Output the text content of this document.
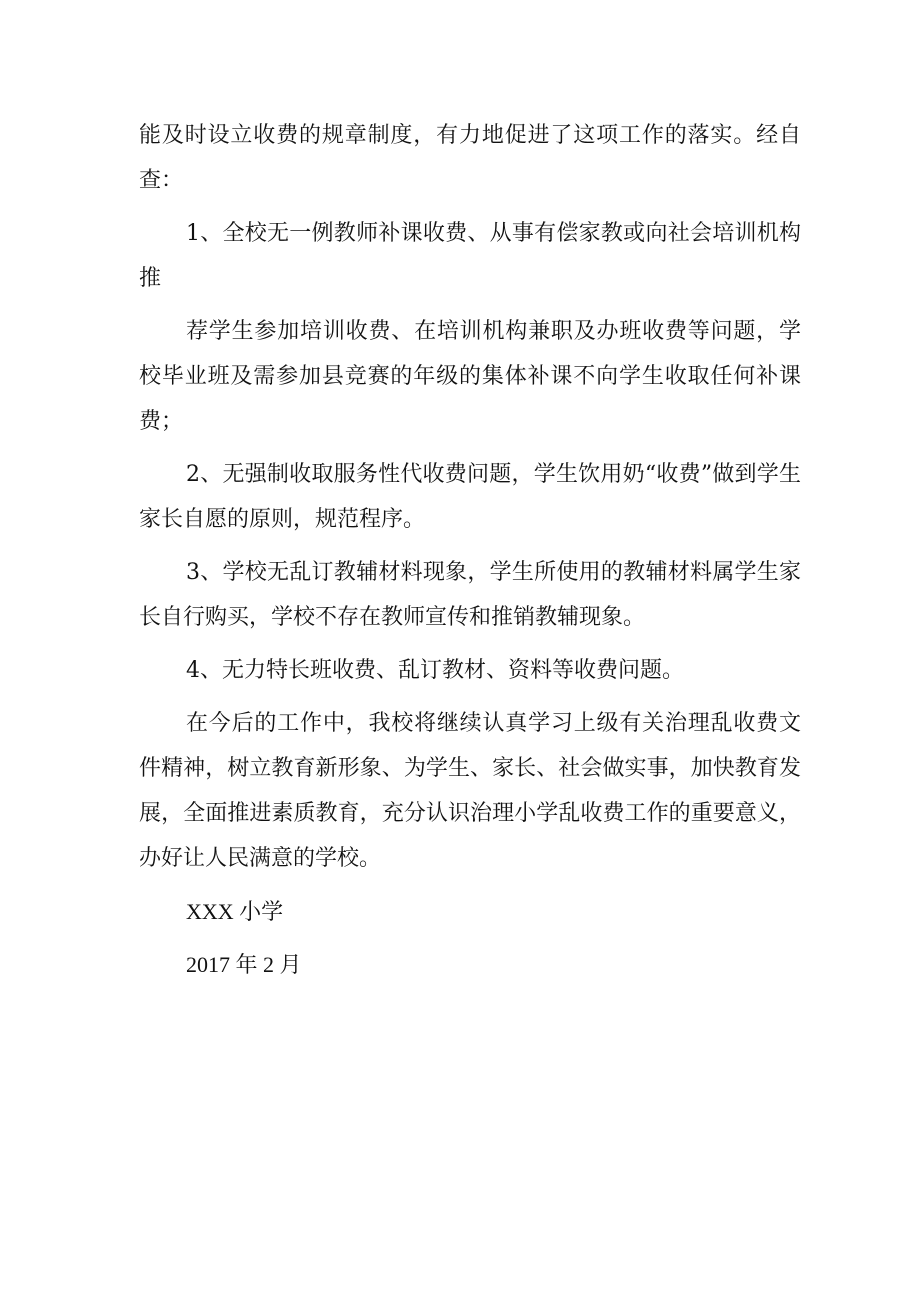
能及时设立收费的规章制度，有力地促进了这项工作的落实。经自查：

1、全校无一例教师补课收费、从事有偿家教或向社会培训机构推

荐学生参加培训收费、在培训机构兼职及办班收费等问题，学校毕业班及需参加县竞赛的年级的集体补课不向学生收取任何补课费；

2、无强制收取服务性代收费问题，学生饮用奶“收费”做到学生家长自愿的原则，规范程序。

3、学校无乱订教辅材料现象，学生所使用的教辅材料属学生家长自行购买，学校不存在教师宣传和推销教辅现象。

4、无力特长班收费、乱订教材、资料等收费问题。

在今后的工作中，我校将继续认真学习上级有关治理乱收费文件精神，树立教育新形象、为学生、家长、社会做实事，加快教育发展，全面推进素质教育，充分认识治理小学乱收费工作的重要意义，办好让人民满意的学校。

XXX 小学

2017 年 2 月
